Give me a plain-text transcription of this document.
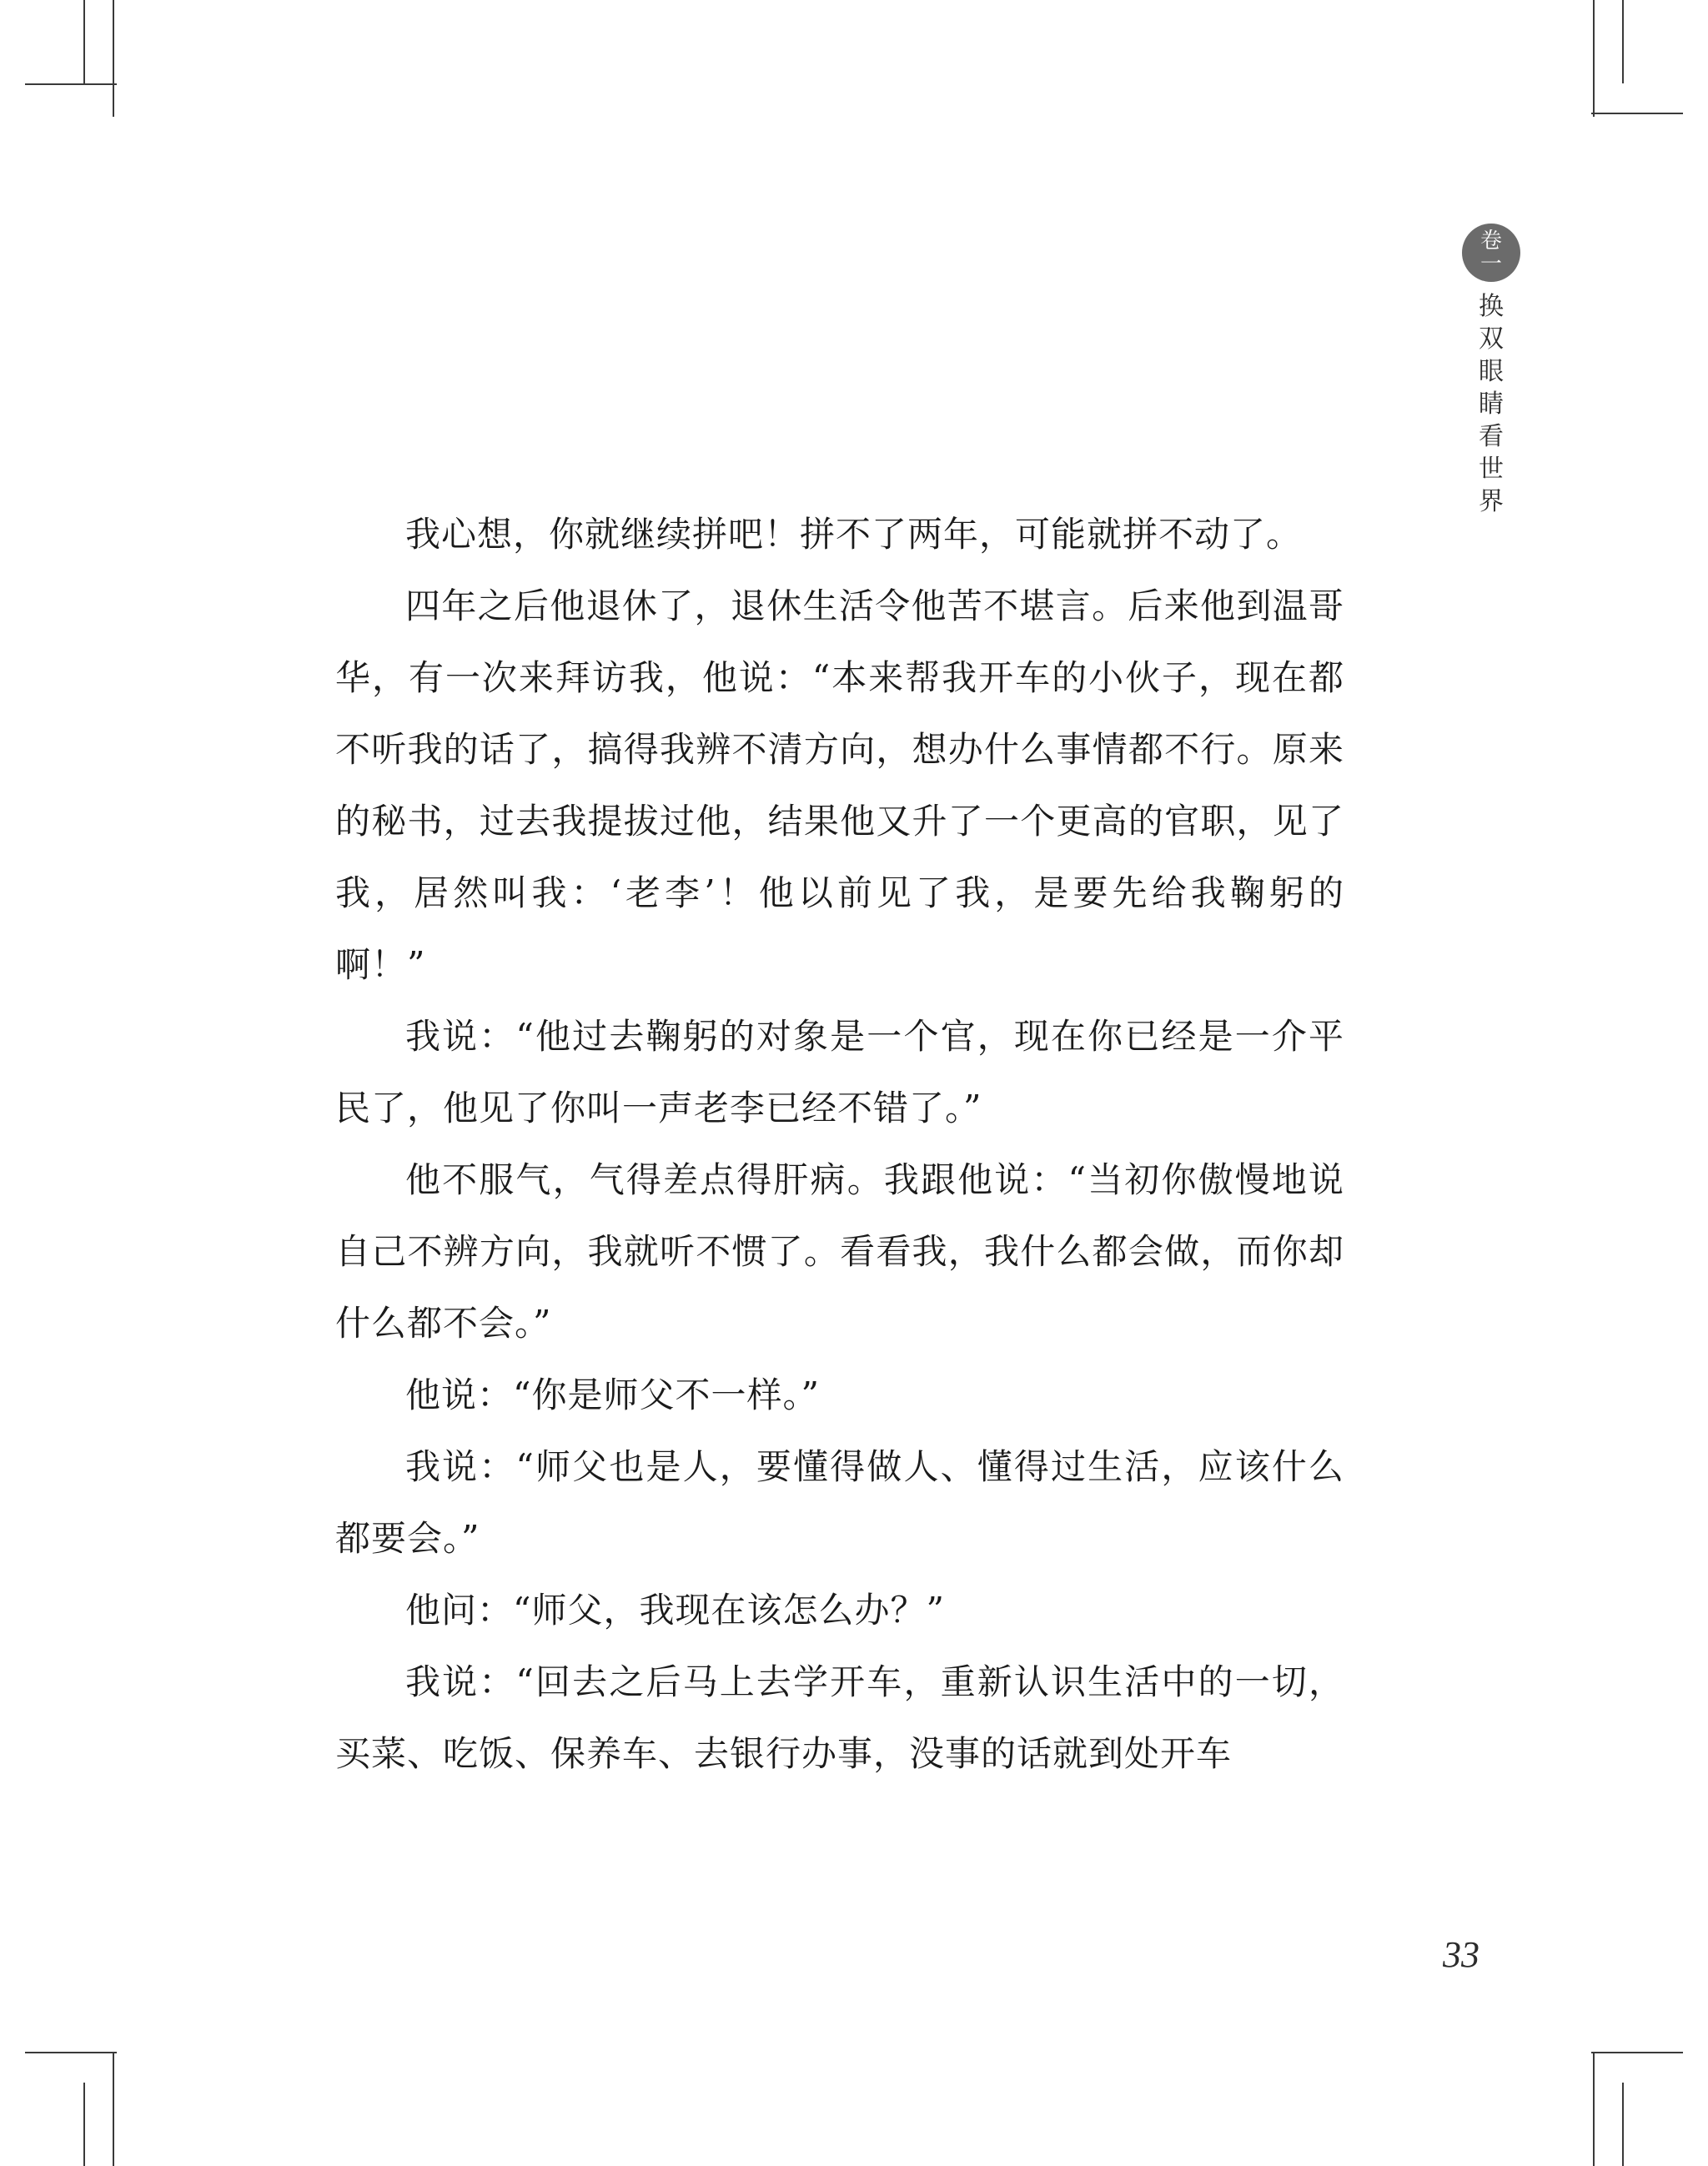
卷
一
换双眼睛看世界

我心想，你就继续拼吧！拼不了两年，可能就拼不动了。

四年之后他退休了，退休生活令他苦不堪言。后来他到温哥华，有一次来拜访我，他说：“本来帮我开车的小伙子，现在都不听我的话了，搞得我辨不清方向，想办什么事情都不行。原来的秘书，过去我提拔过他，结果他又升了一个更高的官职，见了我，居然叫我：‘老李’！他以前见了我，是要先给我鞠躬的啊！”

我说：“他过去鞠躬的对象是一个官，现在你已经是一介平民了，他见了你叫一声老李已经不错了。”

他不服气，气得差点得肝病。我跟他说：“当初你傲慢地说自己不辨方向，我就听不惯了。看看我，我什么都会做，而你却什么都不会。”

他说：“你是师父不一样。”

我说：“师父也是人，要懂得做人、懂得过生活，应该什么都要会。”

他问：“师父，我现在该怎么办？”

我说：“回去之后马上去学开车，重新认识生活中的一切，买菜、吃饭、保养车、去银行办事，没事的话就到处开车

33
